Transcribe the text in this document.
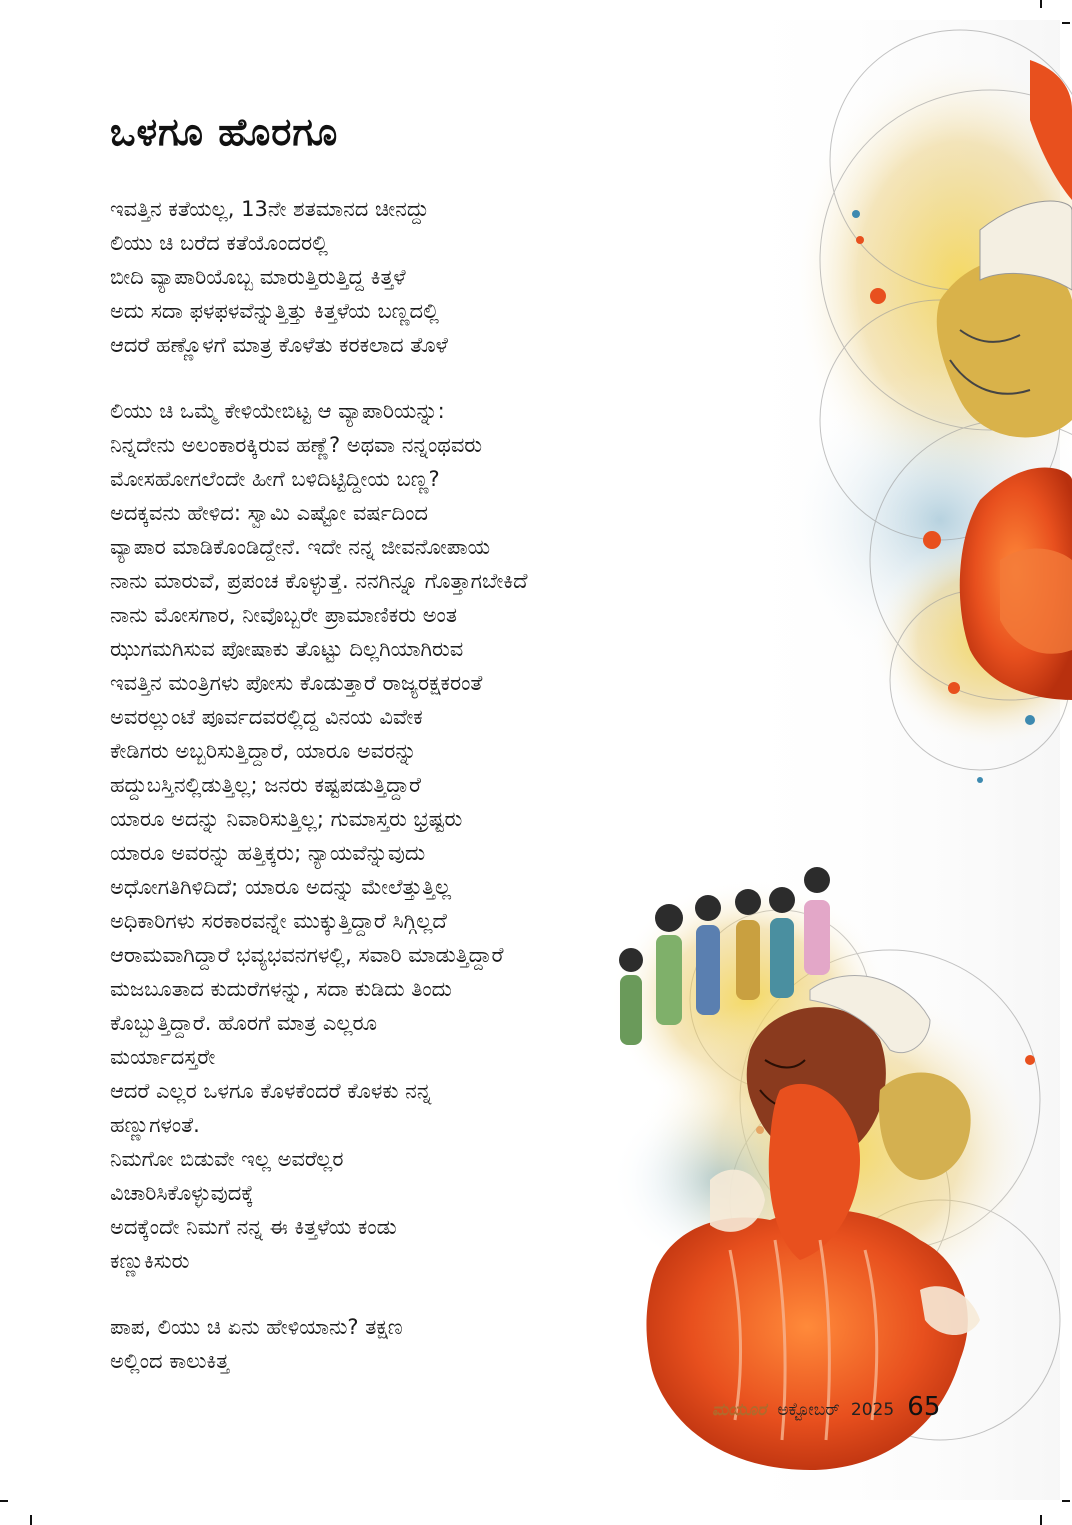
ಒಳಗೂ ಹೊರಗೂ
ಇವತ್ತಿನ ಕತೆಯಲ್ಲ, 13ನೇ ಶತಮಾನದ ಚೀನದ್ದು
ಲಿಯು ಚಿ ಬರೆದ ಕತೆಯೊಂದರಲ್ಲಿ
ಬೀದಿ ವ್ಯಾಪಾರಿಯೊಬ್ಬ ಮಾರುತ್ತಿರುತ್ತಿದ್ದ ಕಿತ್ತಳೆ
ಅದು ಸದಾ ಫಳಫಳವೆನ್ನುತ್ತಿತ್ತು ಕಿತ್ತಳೆಯ ಬಣ್ಣದಲ್ಲಿ
ಆದರೆ ಹಣ್ಣೊಳಗೆ ಮಾತ್ರ ಕೊಳೆತು ಕರಕಲಾದ ತೊಳೆ
ಲಿಯು ಚಿ ಒಮ್ಮೆ ಕೇಳಿಯೇಬಿಟ್ಟ ಆ ವ್ಯಾಪಾರಿಯನ್ನು:
ನಿನ್ನದೇನು ಅಲಂಕಾರಕ್ಕಿರುವ ಹಣ್ಣೆ? ಅಥವಾ ನನ್ನಂಥವರು
ಮೋಸಹೋಗಲೆಂದೇ ಹೀಗೆ ಬಳಿದಿಟ್ಟಿದ್ದೀಯ ಬಣ್ಣ?
ಅದಕ್ಕವನು ಹೇಳಿದ: ಸ್ವಾಮಿ ಎಷ್ಟೋ ವರ್ಷದಿಂದ
ವ್ಯಾಪಾರ ಮಾಡಿಕೊಂಡಿದ್ದೇನೆ. ಇದೇ ನನ್ನ ಜೀವನೋಪಾಯ
ನಾನು ಮಾರುವೆ, ಪ್ರಪಂಚ ಕೊಳ್ಳುತ್ತೆ. ನನಗಿನ್ನೂ ಗೊತ್ತಾಗಬೇಕಿದೆ
ನಾನು ಮೋಸಗಾರ, ನೀವೊಬ್ಬರೇ ಪ್ರಾಮಾಣಿಕರು ಅಂತ
ಝುಗಮಗಿಸುವ ಪೋಷಾಕು ತೊಟ್ಟು ದಿಲ್ಲಗಿಯಾಗಿರುವ
ಇವತ್ತಿನ ಮಂತ್ರಿಗಳು ಪೋಸು ಕೊಡುತ್ತಾರೆ ರಾಜ್ಯರಕ್ಷಕರಂತೆ
ಅವರಲ್ಲುಂಟೆ ಪೂರ್ವದವರಲ್ಲಿದ್ದ ವಿನಯ ವಿವೇಕ
ಕೇಡಿಗರು ಅಬ್ಬರಿಸುತ್ತಿದ್ದಾರೆ, ಯಾರೂ ಅವರನ್ನು
ಹದ್ದುಬಸ್ತಿನಲ್ಲಿಡುತ್ತಿಲ್ಲ; ಜನರು ಕಷ್ಟಪಡುತ್ತಿದ್ದಾರೆ
ಯಾರೂ ಅದನ್ನು ನಿವಾರಿಸುತ್ತಿಲ್ಲ; ಗುಮಾಸ್ತರು ಭ್ರಷ್ಟರು
ಯಾರೂ ಅವರನ್ನು ಹತ್ತಿಕ್ಕರು; ನ್ಯಾಯವೆನ್ನುವುದು
ಅಧೋಗತಿಗಿಳಿದಿದೆ; ಯಾರೂ ಅದನ್ನು ಮೇಲೆತ್ತುತ್ತಿಲ್ಲ
ಅಧಿಕಾರಿಗಳು ಸರಕಾರವನ್ನೇ ಮುಕ್ಕುತ್ತಿದ್ದಾರೆ ಸಿಗ್ಗಿಲ್ಲದೆ
ಆರಾಮವಾಗಿದ್ದಾರೆ ಭವ್ಯಭವನಗಳಲ್ಲಿ, ಸವಾರಿ ಮಾಡುತ್ತಿದ್ದಾರೆ
ಮಜಬೂತಾದ ಕುದುರೆಗಳನ್ನು, ಸದಾ ಕುಡಿದು ತಿಂದು
ಕೊಬ್ಬುತ್ತಿದ್ದಾರೆ. ಹೊರಗೆ ಮಾತ್ರ ಎಲ್ಲರೂ
ಮರ್ಯಾದಸ್ತರೇ
ಆದರೆ ಎಲ್ಲರ ಒಳಗೂ ಕೊಳಕೆಂದರೆ ಕೊಳಕು ನನ್ನ
ಹಣ್ಣುಗಳಂತೆ.
ನಿಮಗೋ ಬಿಡುವೇ ಇಲ್ಲ ಅವರೆಲ್ಲರ
ವಿಚಾರಿಸಿಕೊಳ್ಳುವುದಕ್ಕೆ
ಅದಕ್ಕೆಂದೇ ನಿಮಗೆ ನನ್ನ ಈ ಕಿತ್ತಳೆಯ ಕಂಡು
ಕಣ್ಣುಕಿಸುರು
ಪಾಪ, ಲಿಯು ಚಿ ಏನು ಹೇಳಿಯಾನು? ತಕ್ಷಣ
ಅಲ್ಲಿಂದ ಕಾಲುಕಿತ್ತ
ಮಯೂರ ಅಕ್ಟೋಬರ್ 2025 65
